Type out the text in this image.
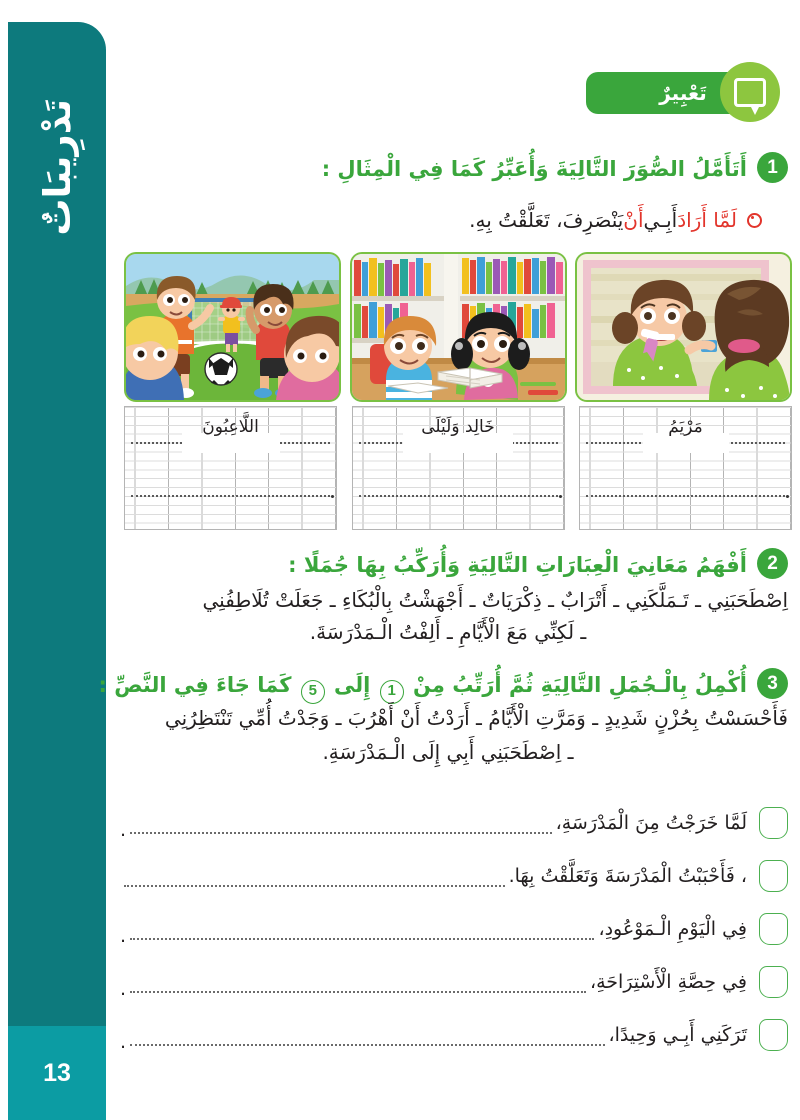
تَدْرِيبَاتٌ
13
تَعْبِيرٌ
1
أَتَأَمَّلُ الصُّوَرَ التَّالِيَةَ وَأُعَبِّرُ كَمَا فِي الْمِثَالِ :
لَمَّا أَرَادَ
أَبِـي
أَنْ
يَنْصَرِفَ، تَعَلَّقْتُ بِهِ.
مَرْيَمُ
خَالِد وَلَيْلَى
اللَّاعِبُونَ
2
أَفْهَمُ مَعَانِيَ الْعِبَارَاتِ التَّالِيَةِ وَأُرَكِّبُ بِهَا جُمَلًا :
اِصْطَحَبَنِي ـ تَـمَلَّكَنِي ـ أَتْرَابٌ ـ ذِكْرَيَاتٌ ـ أَجْهَشْتُ بِالْبُكَاءِ ـ جَعَلَتْ تُلَاطِفُنِي
ـ لَكِنِّي مَعَ الْأَيَّامِ ـ أَلِفْتُ الْـمَدْرَسَةَ.
3
أُكْمِلُ بِالْـجُمَلِ التَّالِيَةِ ثُمَّ أُرَتِّبُ مِنْ 1 إِلَى 5 كَمَا جَاءَ فِي النَّصِّ :
فَأَحْسَسْتُ بِحُزْنٍ شَدِيدٍ ـ وَمَرَّتِ الْأَيَّامُ ـ أَرَدْتُ أَنْ أَهْرُبَ ـ وَجَدْتُ أُمِّي تَنْتَظِرُنِي
ـ اِصْطَحَبَنِي أَبِي إِلَى الْـمَدْرَسَةِ.
لَمَّا خَرَجْتُ مِنَ الْمَدْرَسَةِ،
.
، فَأَحْبَبْتُ الْمَدْرَسَةَ وَتَعَلَّقْتُ بِهَا.
فِي الْيَوْمِ الْـمَوْعُودِ،
.
فِي حِصَّةِ الْأَسْتِرَاحَةِ،
.
تَرَكَنِي أَبِـي وَحِيدًا،
.
